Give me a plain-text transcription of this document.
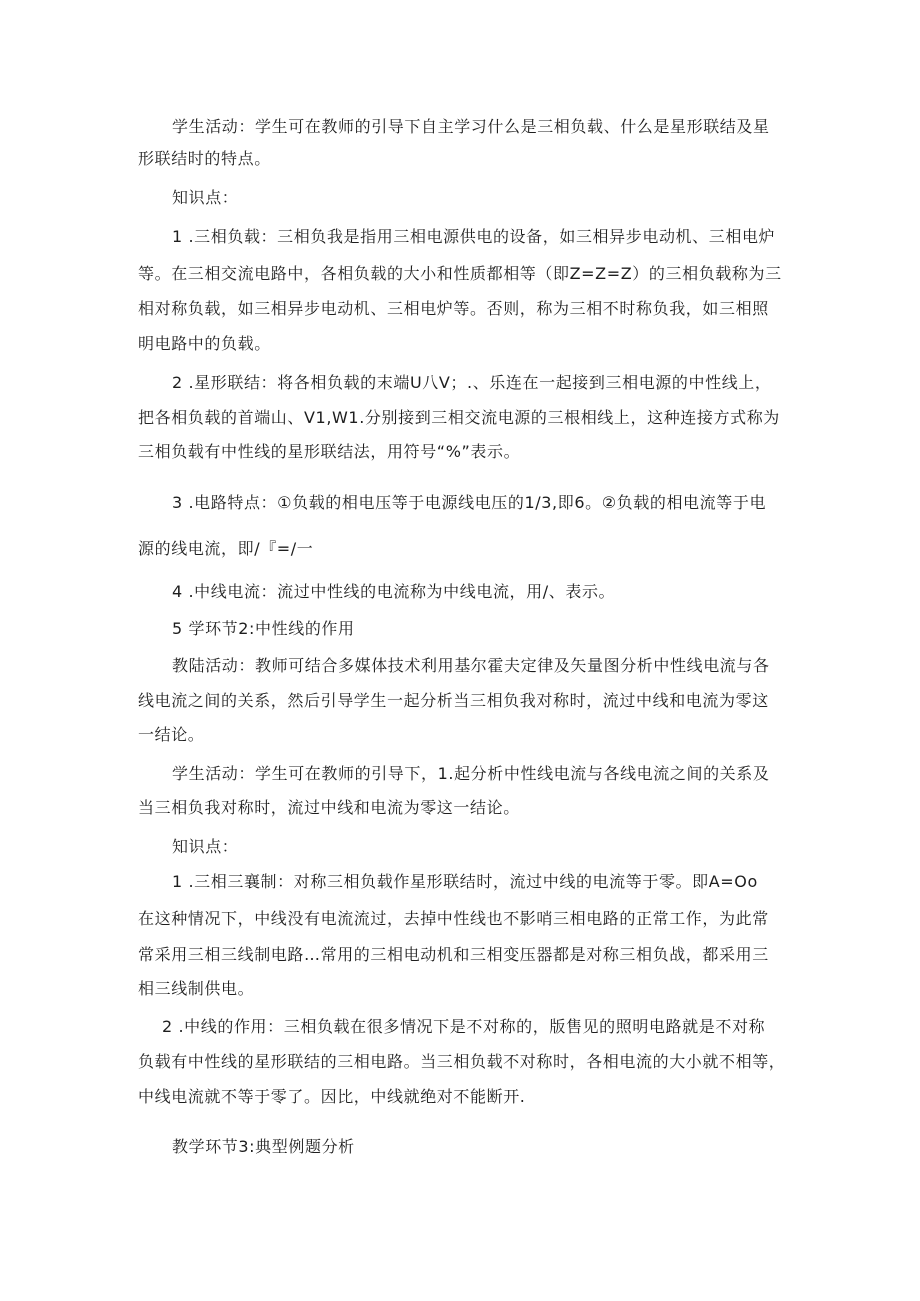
学生活动：学生可在教师的引导下自主学习什么是三相负载、什么是星形联结及星
形联结时的特点。
知识点：
1 .三相负载：三相负我是指用三相电源供电的设备，如三相异步电动机、三相电炉
等。在三相交流电路中，各相负载的大小和性质都相等（即Z=Z=Z）的三相负载称为三
相对称负载，如三相异步电动机、三相电炉等。否则，称为三相不时称负我，如三相照
明电路中的负载。
2 .星形联结：将各相负载的末端U八V；.、乐连在一起接到三相电源的中性线上，
把各相负载的首端山、V1,W1.分别接到三相交流电源的三根相线上，这种连接方式称为
三相负载有中性线的星形联结法，用符号“%”表示。
3 .电路特点：①负载的相电压等于电源线电压的1/3,即6。②负载的相电流等于电
源的线电流，即/『=/一
4 .中线电流：流过中性线的电流称为中线电流，用/、表示。
5 学环节2:中性线的作用
教陆活动：教师可结合多媒体技术利用基尔霍夫定律及矢量图分析中性线电流与各
线电流之间的关系，然后引导学生一起分析当三相负我对称时，流过中线和电流为零这
一结论。
学生活动：学生可在教师的引导下，1.起分析中性线电流与各线电流之间的关系及
当三相负我对称时，流过中线和电流为零这一结论。
知识点：
1 .三相三襄制：对称三相负载作星形联结时，流过中线的电流等于零。即A=Oo
在这种情况下，中线没有电流流过，去掉中性线也不影哨三相电路的正常工作，为此常
常采用三相三线制电路…常用的三相电动机和三相变压器都是对称三相负战，都采用三
相三线制供电。
2 .中线的作用：三相负载在很多情况下是不对称的，版售见的照明电路就是不对称
负载有中性线的星形联结的三相电路。当三相负载不对称时，各相电流的大小就不相等，
中线电流就不等于零了。因比，中线就绝对不能断开.
教学环节3:典型例题分析
